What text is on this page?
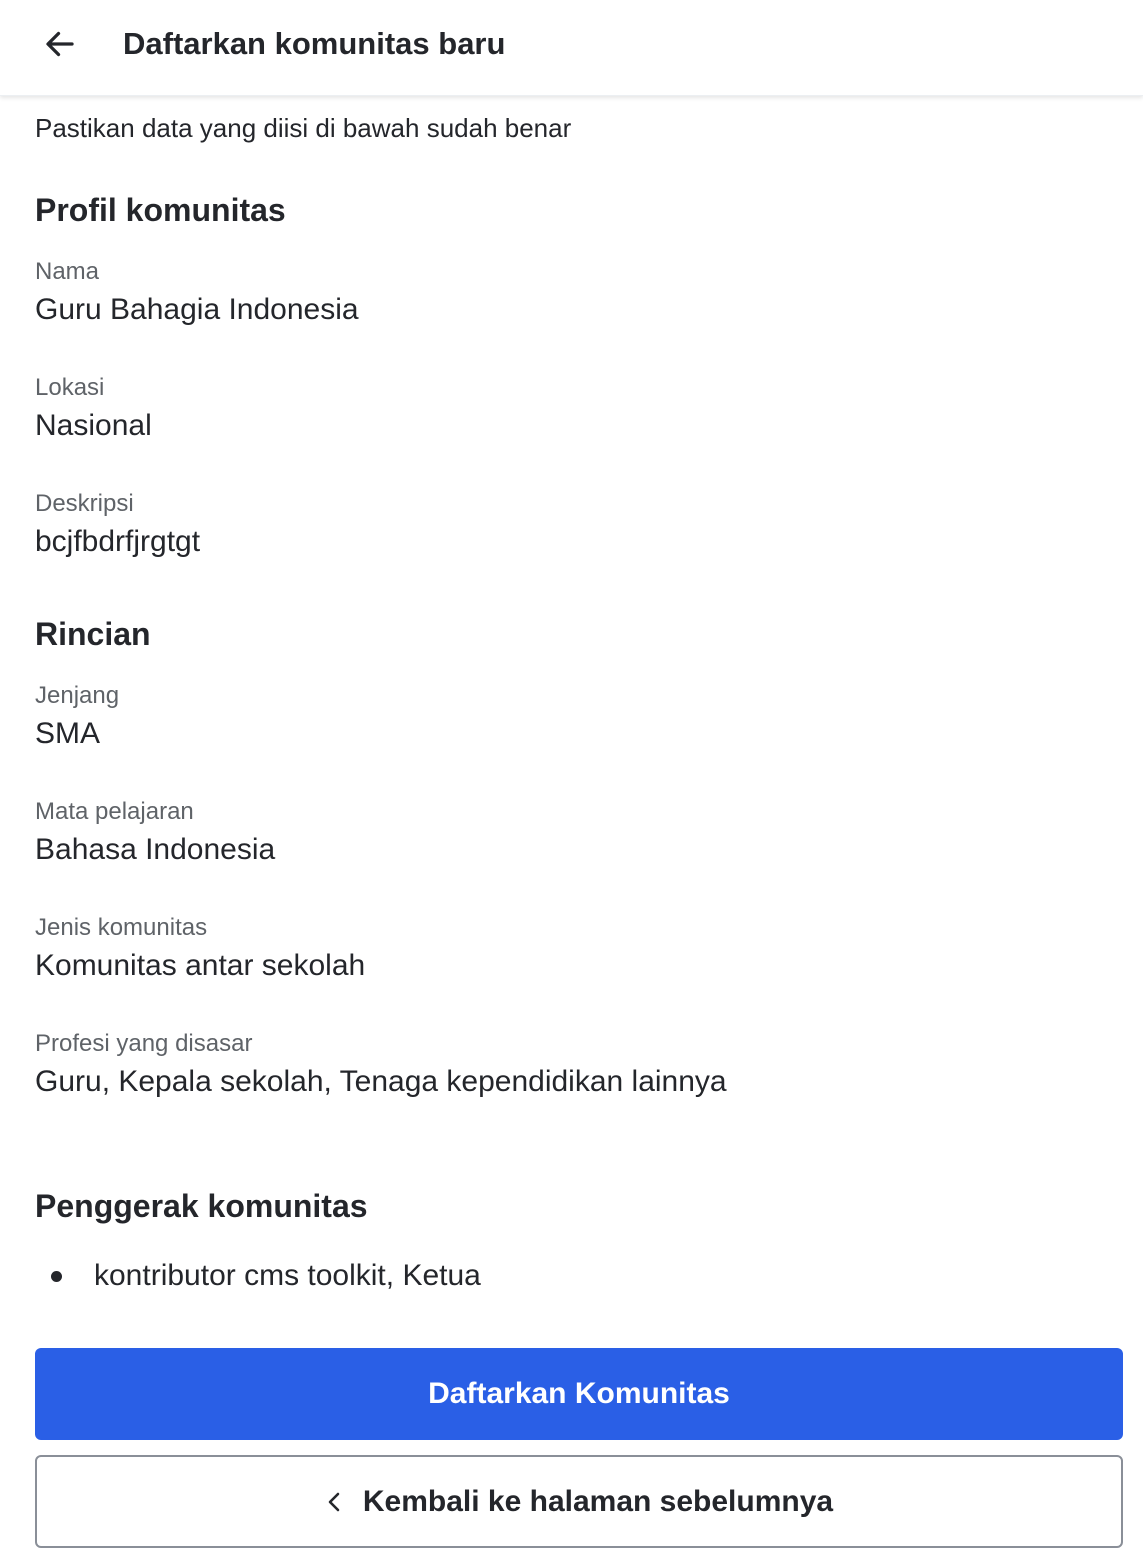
Daftarkan komunitas baru
Pastikan data yang diisi di bawah sudah benar
Profil komunitas
Nama
Guru Bahagia Indonesia
Lokasi
Nasional
Deskripsi
bcjfbdrfjrgtgt
Rincian
Jenjang
SMA
Mata pelajaran
Bahasa Indonesia
Jenis komunitas
Komunitas antar sekolah
Profesi yang disasar
Guru, Kepala sekolah, Tenaga kependidikan lainnya
Penggerak komunitas
kontributor cms toolkit, Ketua
Daftarkan Komunitas
Kembali ke halaman sebelumnya
